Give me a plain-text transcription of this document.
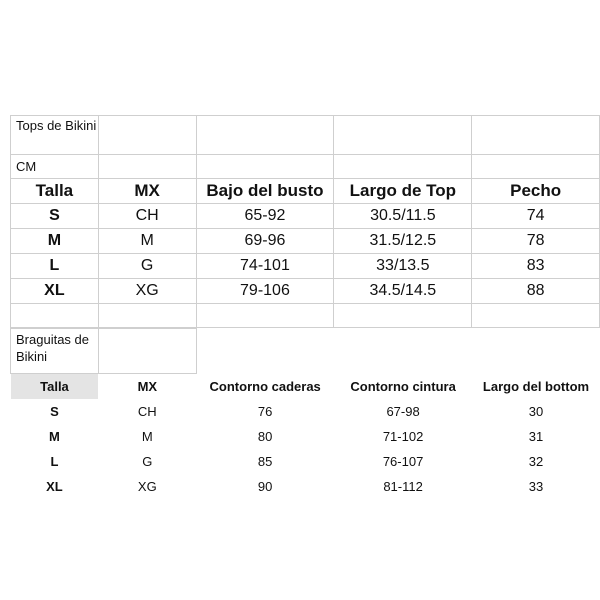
Tops de Bikini				
CM				
Talla	MX	Bajo del busto	Largo de Top	Pecho
S	CH	65-92	30.5/11.5	74
M	M	69-96	31.5/12.5	78
L	G	74-101	33/13.5	83
XL	XG	79-106	34.5/14.5	88

Braguitas de Bikini				
Talla	MX	Contorno caderas	Contorno cintura	Largo del bottom
S	CH	76	67-98	30
M	M	80	71-102	31
L	G	85	76-107	32
XL	XG	90	81-112	33
